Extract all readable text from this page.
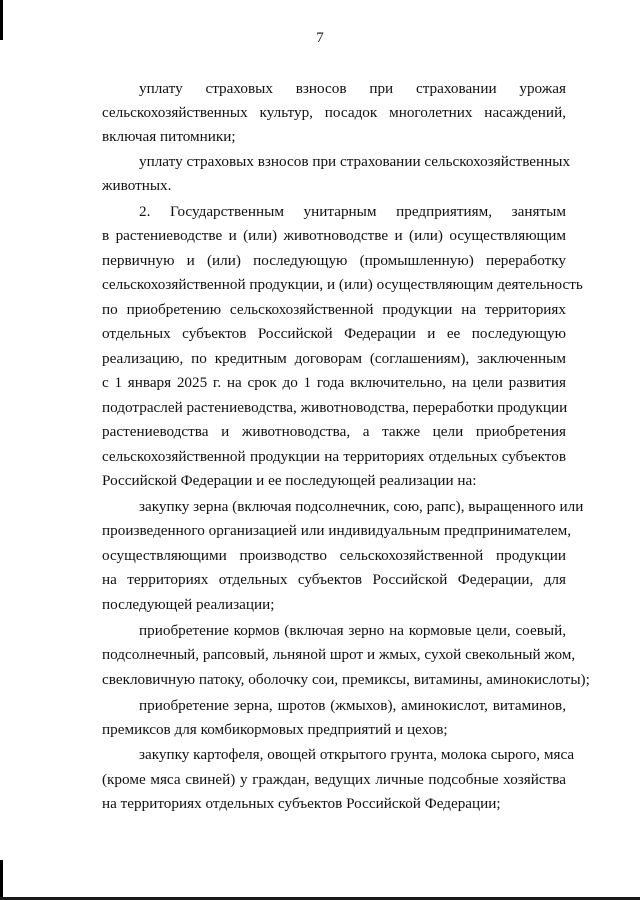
7
уплату страховых взносов при страховании урожая
сельскохозяйственных культур, посадок многолетних насаждений,
включая питомники;
уплату страховых взносов при страховании сельскохозяйственных
животных.
2. Государственным унитарным предприятиям, занятым
в растениеводстве и (или) животноводстве и (или) осуществляющим
первичную и (или) последующую (промышленную) переработку
сельскохозяйственной продукции, и (или) осуществляющим деятельность
по приобретению сельскохозяйственной продукции на территориях
отдельных субъектов Российской Федерации и ее последующую
реализацию, по кредитным договорам (соглашениям), заключенным
с 1 января 2025 г. на срок до 1 года включительно, на цели развития
подотраслей растениеводства, животноводства, переработки продукции
растениеводства и животноводства, а также цели приобретения
сельскохозяйственной продукции на территориях отдельных субъектов
Российской Федерации и ее последующей реализации на:
закупку зерна (включая подсолнечник, сою, рапс), выращенного или
произведенного организацией или индивидуальным предпринимателем,
осуществляющими производство сельскохозяйственной продукции
на территориях отдельных субъектов Российской Федерации, для
последующей реализации;
приобретение кормов (включая зерно на кормовые цели, соевый,
подсолнечный, рапсовый, льняной шрот и жмых, сухой свекольный жом,
свекловичную патоку, оболочку сои, премиксы, витамины, аминокислоты);
приобретение зерна, шротов (жмыхов), аминокислот, витаминов,
премиксов для комбикормовых предприятий и цехов;
закупку картофеля, овощей открытого грунта, молока сырого, мяса
(кроме мяса свиней) у граждан, ведущих личные подсобные хозяйства
на территориях отдельных субъектов Российской Федерации;
